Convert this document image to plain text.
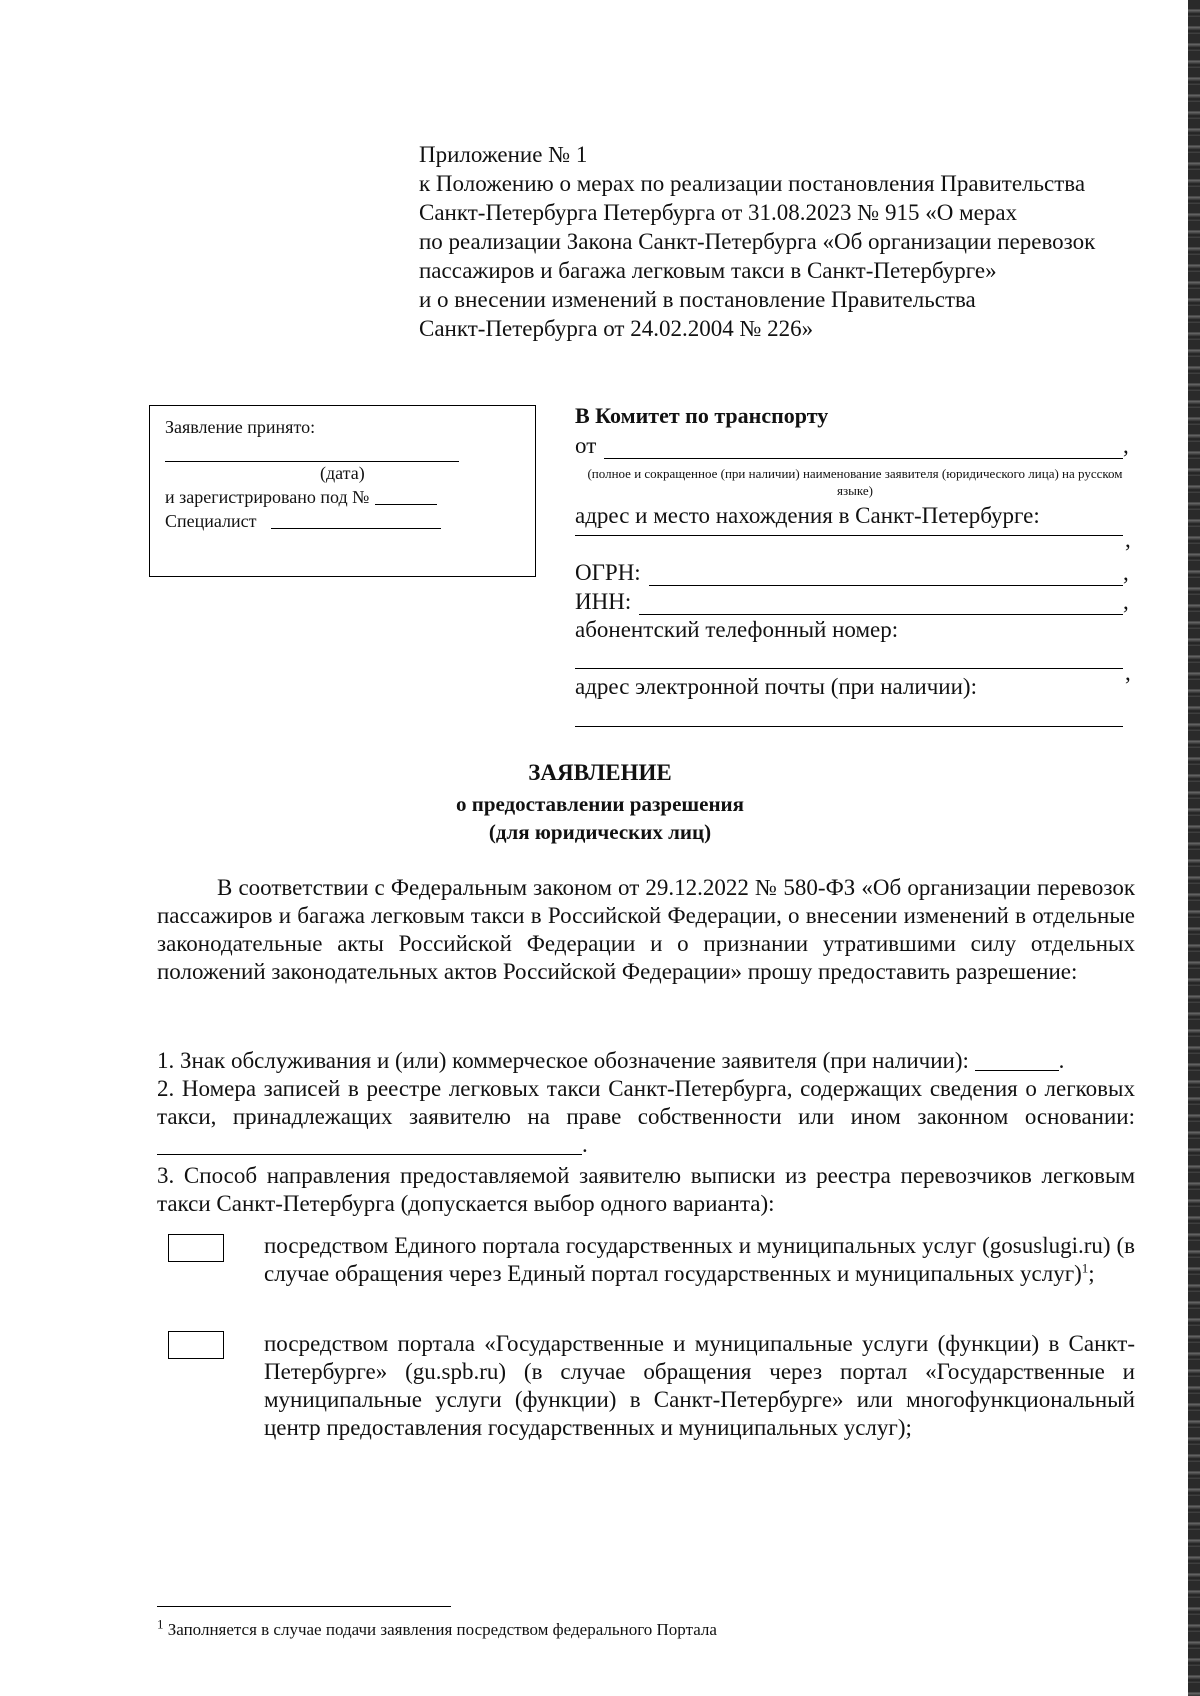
Приложение № 1
к Положению о мерах по реализации постановления Правительства
Санкт-Петербурга Петербурга от 31.08.2023 № 915 «О мерах
по реализации Закона Санкт-Петербурга «Об организации перевозок
пассажиров и багажа легковым такси в Санкт-Петербурге»
и о внесении изменений в постановление Правительства
Санкт-Петербурга от 24.02.2004 № 226»
Заявление принято:
(дата)
и зарегистрировано под №
Специалист
В Комитет по транспорту
от	,
(полное и сокращенное (при наличии) наименование заявителя (юридического лица) на русском языке)
адрес и место нахождения в Санкт-Петербурге:
,
ОГРН:	,
ИНН:	,
абонентский телефонный номер:
,
адрес электронной почты (при наличии):
ЗАЯВЛЕНИЕ
о предоставлении разрешения
(для юридических лиц)
В соответствии с Федеральным законом от 29.12.2022 № 580-ФЗ «Об организации перевозок пассажиров и багажа легковым такси в Российской Федерации, о внесении изменений в отдельные законодательные акты Российской Федерации и о признании утратившими силу отдельных положений законодательных актов Российской Федерации» прошу предоставить разрешение:
1. Знак обслуживания и (или) коммерческое обозначение заявителя (при наличии):	.
2. Номера записей в реестре легковых такси Санкт-Петербурга, содержащих сведения о легковых такси, принадлежащих заявителю на праве собственности или ином законном основании:.
3. Способ направления предоставляемой заявителю выписки из реестра перевозчиков легковым такси Санкт-Петербурга (допускается выбор одного варианта):
посредством Единого портала государственных и муниципальных услуг (gosuslugi.ru) (в случае обращения через Единый портал государственных и муниципальных услуг)$^1$;
посредством портала «Государственные и муниципальные услуги (функции) в Санкт-Петербурге» (gu.spb.ru) (в случае обращения через портал «Государственные и муниципальные услуги (функции) в Санкт-Петербурге» или многофункциональный центр предоставления государственных и муниципальных услуг);
$^1$ Заполняется в случае подачи заявления посредством федерального Портала
